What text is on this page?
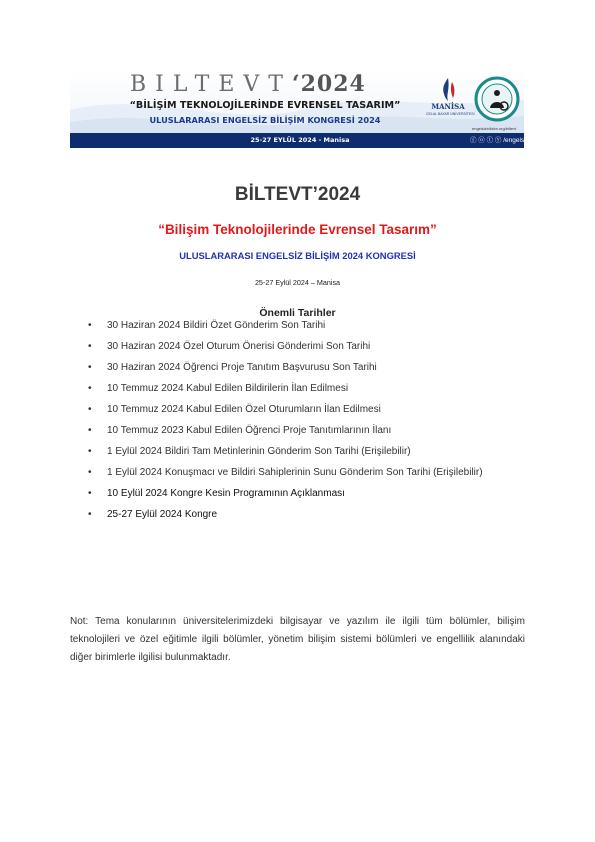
BILTEVT‘2024
“BİLİŞİM TEKNOLOJİLERİNDE EVRENSEL TASARIM”
ULUSLARARASI ENGELSİZ BİLİŞİM KONGRESİ 2024
MANİSA
CELAL BAYAR ÜNİVERSİTESİ
engelsizbilisim.org/biltevt
25-27 EYLÜL 2024 - Manisa	ⓕ ⓞ ⓣ ⓨ /engelsizbilisim
BİLTEVT’2024
“Bilişim Teknolojilerinde Evrensel Tasarım”
ULUSLARARASI ENGELSİZ BİLİŞİM 2024 KONGRESİ
25-27 Eylül 2024 – Manisa
Önemli Tarihler
• 30 Haziran 2024 Bildiri Özet Gönderim Son Tarihi
• 30 Haziran 2024 Özel Oturum Önerisi Gönderimi Son Tarihi
• 30 Haziran 2024 Öğrenci Proje Tanıtım Başvurusu Son Tarihi
• 10 Temmuz 2024 Kabul Edilen Bildirilerin İlan Edilmesi
• 10 Temmuz 2024 Kabul Edilen Özel Oturumların İlan Edilmesi
• 10 Temmuz 2023 Kabul Edilen Öğrenci Proje Tanıtımlarının İlanı
• 1 Eylül 2024 Bildiri Tam Metinlerinin Gönderim Son Tarihi (Erişilebilir)
• 1 Eylül 2024 Konuşmacı ve Bildiri Sahiplerinin Sunu Gönderim Son Tarihi (Erişilebilir)
• 10 Eylül 2024 Kongre Kesin Programının Açıklanması
• 25-27 Eylül 2024 Kongre
Not: Tema konularının üniversitelerimizdeki bilgisayar ve yazılım ile ilgili tüm bölümler, bilişim teknolojileri ve özel eğitimle ilgili bölümler, yönetim bilişim sistemi bölümleri ve engellilik alanındaki diğer birimlerle ilgilisi bulunmaktadır.
